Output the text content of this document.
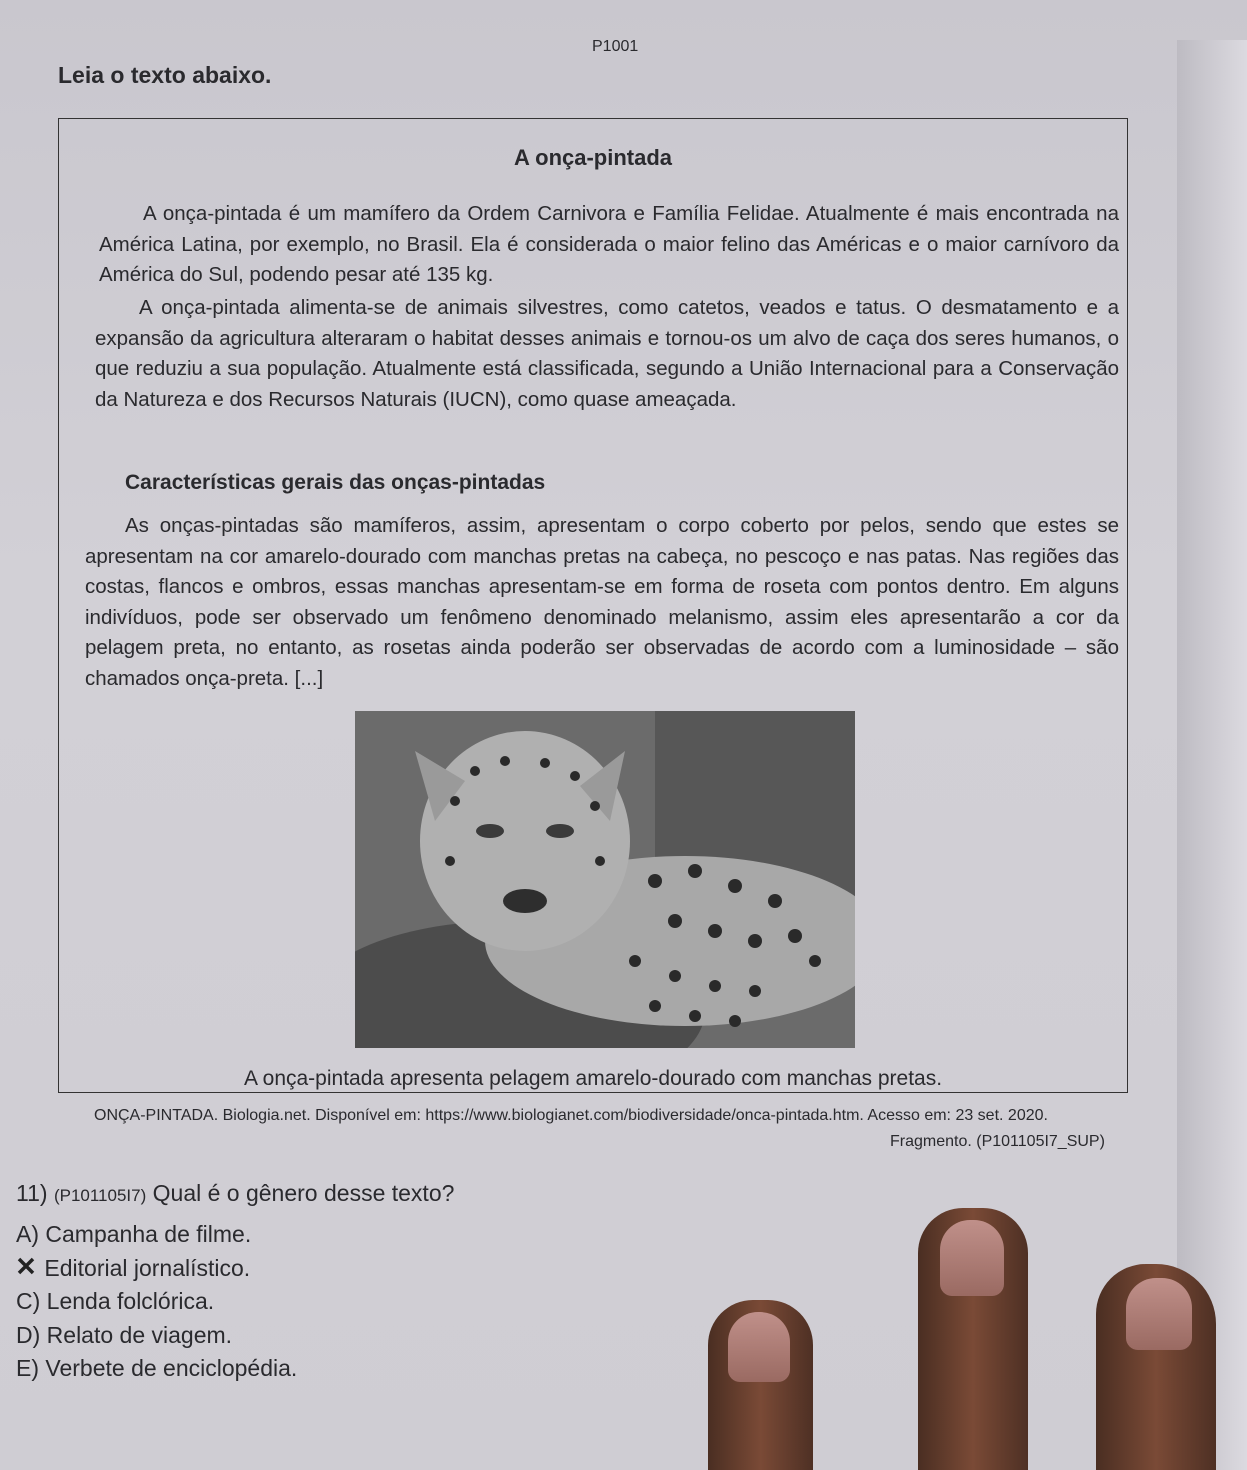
P1001
Leia o texto abaixo.
A onça-pintada
A onça-pintada é um mamífero da Ordem Carnivora e Família Felidae. Atualmente é mais encontrada na América Latina, por exemplo, no Brasil. Ela é considerada o maior felino das Américas e o maior carnívoro da América do Sul, podendo pesar até 135 kg.
A onça-pintada alimenta-se de animais silvestres, como catetos, veados e tatus. O desmatamento e a expansão da agricultura alteraram o habitat desses animais e tornou-os um alvo de caça dos seres humanos, o que reduziu a sua população. Atualmente está classificada, segundo a União Internacional para a Conservação da Natureza e dos Recursos Naturais (IUCN), como quase ameaçada.
Características gerais das onças-pintadas
As onças-pintadas são mamíferos, assim, apresentam o corpo coberto por pelos, sendo que estes se apresentam na cor amarelo-dourado com manchas pretas na cabeça, no pescoço e nas patas. Nas regiões das costas, flancos e ombros, essas manchas apresentam-se em forma de roseta com pontos dentro. Em alguns indivíduos, pode ser observado um fenômeno denominado melanismo, assim eles apresentarão a cor da pelagem preta, no entanto, as rosetas ainda poderão ser observadas de acordo com a luminosidade – são chamados onça-preta. [...]
A onça-pintada apresenta pelagem amarelo-dourado com manchas pretas.
ONÇA-PINTADA. Biologia.net. Disponível em: https://www.biologianet.com/biodiversidade/onca-pintada.htm. Acesso em: 23 set. 2020.
Fragmento. (P101105I7_SUP)
11) (P101105I7) Qual é o gênero desse texto?
A) Campanha de filme.
Editorial jornalístico.
C) Lenda folclórica.
D) Relato de viagem.
E) Verbete de enciclopédia.
